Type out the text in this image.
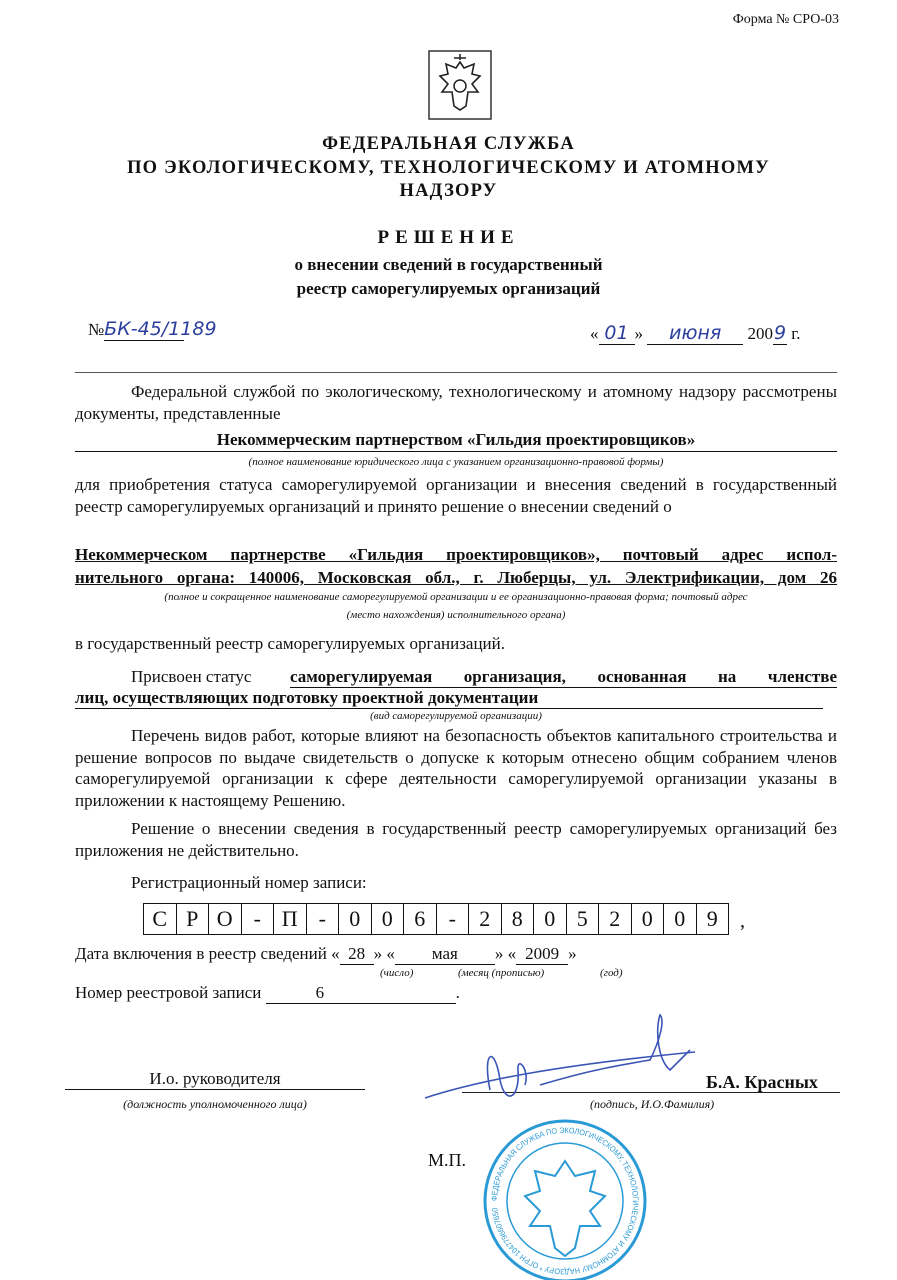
Форма № СРО-03
ФЕДЕРАЛЬНАЯ СЛУЖБА
ПО ЭКОЛОГИЧЕСКОМУ, ТЕХНОЛОГИЧЕСКОМУ И АТОМНОМУ
НАДЗОРУ
РЕШЕНИЕ
о внесении сведений в государственный
реестр саморегулируемых организаций
№БК-45/1189	« 01 » июня 2009 г.
Федеральной службой по экологическому, технологическому и атомному надзору рассмотрены документы, представленные
Некоммерческим партнерством «Гильдия проектировщиков»
(полное наименование юридического лица с указанием организационно-правовой формы)
для приобретения статуса саморегулируемой организации и внесения сведений в государственный реестр саморегулируемых организаций и принято решение о внесении сведений о
Некоммерческом партнерстве «Гильдия проектировщиков», почтовый адрес испол-
нительного органа: 140006, Московская обл., г. Люберцы, ул. Электрификации, дом 26
(полное и сокращенное наименование саморегулируемой организации и ее организационно-правовая форма; почтовый адрес
(место нахождения) исполнительного органа)
в государственный реестр саморегулируемых организаций.
Присвоен статус саморегулируемая организация, основанная на членстве
лиц, осуществляющих подготовку проектной документации
(вид саморегулируемой организации)
Перечень видов работ, которые влияют на безопасность объектов капитального строительства и решение вопросов по выдаче свидетельств о допуске к которым отнесено общим собранием членов саморегулируемой организации к сфере деятельности саморегулируемой организации указаны в приложении к настоящему Решению.
Решение о внесении сведения в государственный реестр саморегулируемых организаций без приложения не действительно.
Регистрационный номер записи:
С Р О - П -	0 0 6	-	2 8 0 5 2 0 0 9	,
Дата включения в реестр сведений « 28 » « мая » « 2009 »
(число)	(месяц (прописью)	(год)
Номер реестровой записи	6	.
И.о. руководителя
(должность уполномоченного лица)
Б.А. Красных
(подпись, И.О.Фамилия)
ФЕДЕРАЛЬНАЯ СЛУЖБА ПО ЭКОЛОГИЧЕСКОМУ, ТЕХНОЛОГИЧЕСКОМУ И АТОМНОМУ НАДЗОРУ * ОГРН 1047796607650
М.П.
